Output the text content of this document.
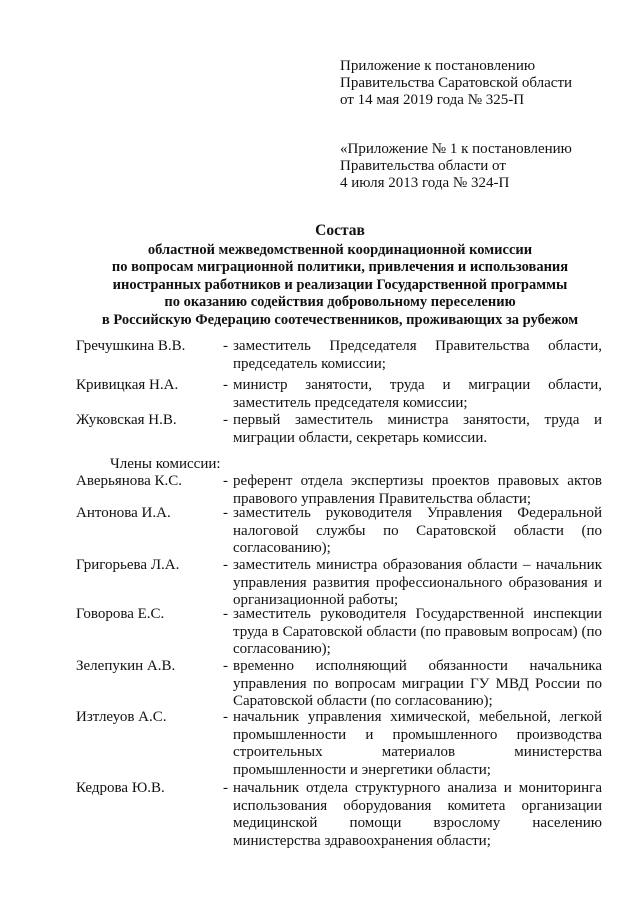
Приложение к постановлению
Правительства Саратовской области
от 14 мая 2019 года № 325-П
«Приложение № 1 к постановлению
Правительства области от
4 июля 2013 года № 324-П
Состав
областной межведомственной координационной комиссии
по вопросам миграционной политики, привлечения и использования
иностранных работников и реализации Государственной программы
по оказанию содействия добровольному переселению
в Российскую Федерацию соотечественников, проживающих за рубежом
Гречушкина В.В.	- заместитель Председателя Правительства области, председатель комиссии;
Кривицкая Н.А.	- министр занятости, труда и миграции области, заместитель председателя комиссии;
Жуковская Н.В.	- первый заместитель министра занятости, труда и миграции области, секретарь комиссии.
Члены комиссии:
Аверьянова К.С.	- референт отдела экспертизы проектов правовых актов правового управления Правительства области;
Антонова И.А.	- заместитель руководителя Управления Федеральной налоговой службы по Саратовской области (по согласованию);
Григорьева Л.А.	- заместитель министра образования области – начальник управления развития профессионального образования и организационной работы;
Говорова Е.С.	- заместитель руководителя Государственной инспекции труда в Саратовской области (по правовым вопросам) (по согласованию);
Зелепукин А.В.	- временно исполняющий обязанности начальника управления по вопросам миграции ГУ МВД России по Саратовской области (по согласованию);
Изтлеуов А.С.	- начальник управления химической, мебельной, легкой промышленности и промышленного производства строительных материалов министерства промышленности и энергетики области;
Кедрова Ю.В.	- начальник отдела структурного анализа и мониторинга использования оборудования комитета организации медицинской помощи взрослому населению министерства здравоохранения области;
